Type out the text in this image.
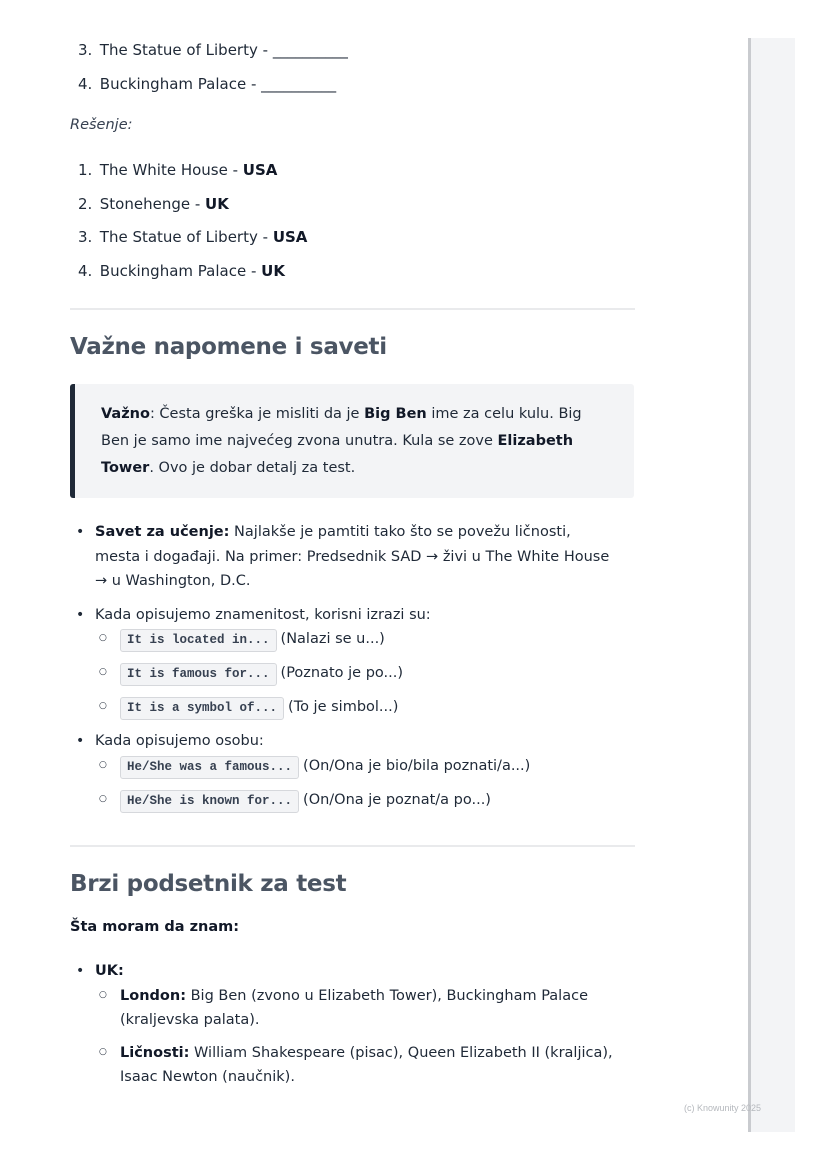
3. The Statue of Liberty - __________
4. Buckingham Palace - __________
Rešenje:
1. The White House - USA
2. Stonehenge - UK
3. The Statue of Liberty - USA
4. Buckingham Palace - UK
Važne napomene i saveti
Važno: Česta greška je misliti da je Big Ben ime za celu kulu. Big Ben je samo ime najvećeg zvona unutra. Kula se zove Elizabeth Tower. Ovo je dobar detalj za test.
• Savet za učenje: Najlakše je pamtiti tako što se povežu ličnosti, mesta i događaji. Na primer: Predsednik SAD → živi u The White House → u Washington, D.C.
• Kada opisujemo znamenitost, korisni izrazi su:
○ It is located in... (Nalazi se u...)
○ It is famous for... (Poznato je po...)
○ It is a symbol of... (To je simbol...)
• Kada opisujemo osobu:
○ He/She was a famous... (On/Ona je bio/bila poznati/a...)
○ He/She is known for... (On/Ona je poznat/a po...)
Brzi podsetnik za test
Šta moram da znam:
• UK:
○ London: Big Ben (zvono u Elizabeth Tower), Buckingham Palace (kraljevska palata).
○ Ličnosti: William Shakespeare (pisac), Queen Elizabeth II (kraljica), Isaac Newton (naučnik).
(c) Knowunity 2025
